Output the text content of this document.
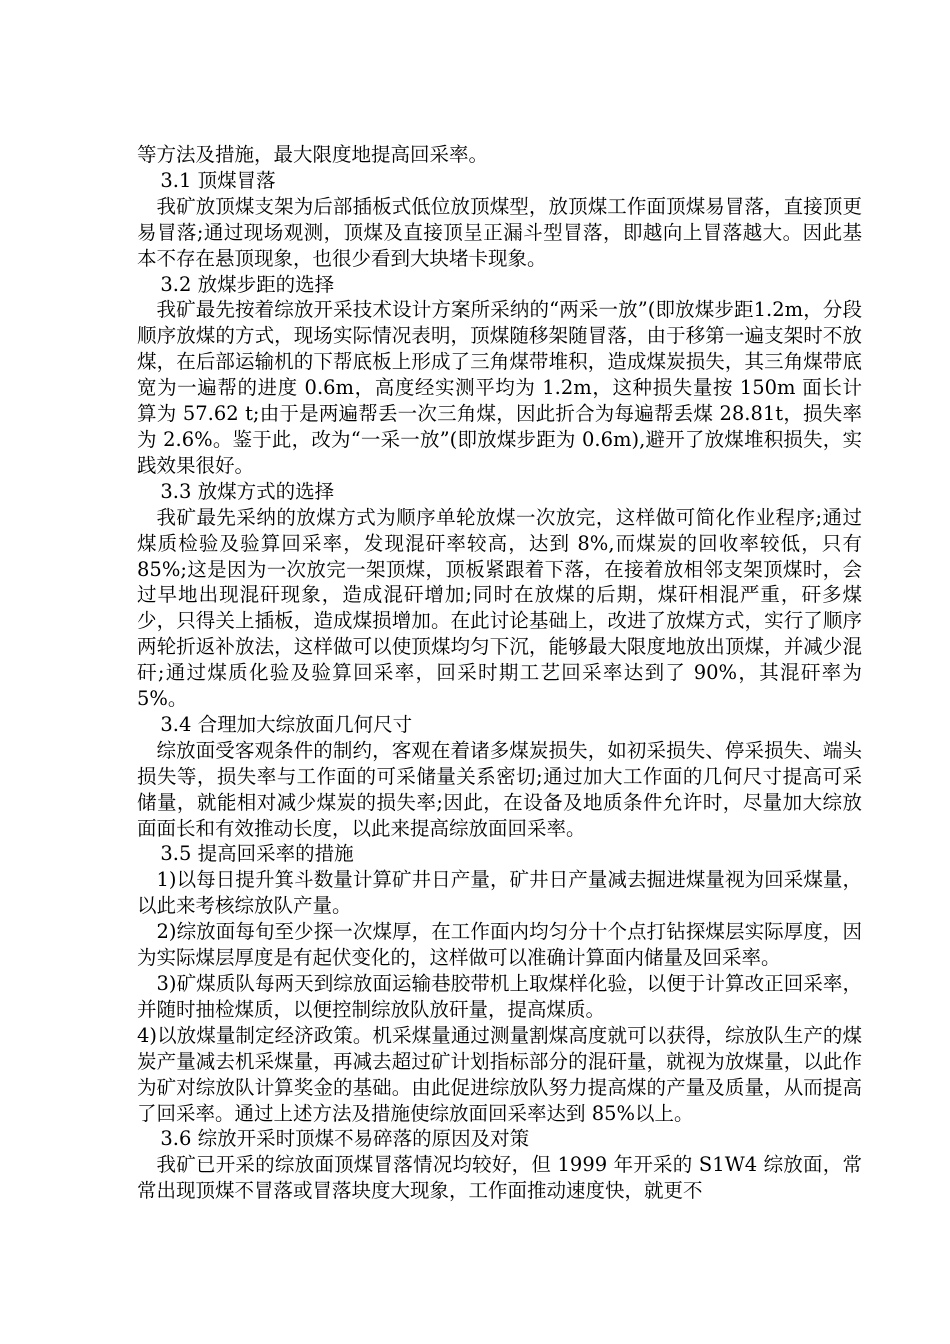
等方法及措施，最大限度地提高回采率。

3.1 顶煤冒落

我矿放顶煤支架为后部插板式低位放顶煤型，放顶煤工作面顶煤易冒落，直接顶更易冒落;通过现场观测，顶煤及直接顶呈正漏斗型冒落，即越向上冒落越大。因此基本不存在悬顶现象，也很少看到大块堵卡现象。

3.2 放煤步距的选择

我矿最先按着综放开采技术设计方案所采纳的“两采一放”(即放煤步距1.2m，分段顺序放煤的方式，现场实际情况表明，顶煤随移架随冒落，由于移第一遍支架时不放煤，在后部运输机的下帮底板上形成了三角煤带堆积，造成煤炭损失，其三角煤带底宽为一遍帮的进度 0.6m，高度经实测平均为 1.2m，这种损失量按 150m 面长计算为 57.62 t;由于是两遍帮丢一次三角煤，因此折合为每遍帮丢煤 28.81t，损失率为 2.6%。鉴于此，改为“一采一放”(即放煤步距为 0.6m),避开了放煤堆积损失，实践效果很好。

3.3 放煤方式的选择

我矿最先采纳的放煤方式为顺序单轮放煤一次放完，这样做可简化作业程序;通过煤质检验及验算回采率，发现混矸率较高，达到 8%,而煤炭的回收率较低，只有 85%;这是因为一次放完一架顶煤，顶板紧跟着下落，在接着放相邻支架顶煤时，会过早地出现混矸现象，造成混矸增加;同时在放煤的后期，煤矸相混严重，矸多煤少，只得关上插板，造成煤损增加。在此讨论基础上，改进了放煤方式，实行了顺序两轮折返补放法，这样做可以使顶煤均匀下沉，能够最大限度地放出顶煤，并减少混矸;通过煤质化验及验算回采率，回采时期工艺回采率达到了 90%，其混矸率为 5%。

3.4 合理加大综放面几何尺寸

综放面受客观条件的制约，客观在着诸多煤炭损失，如初采损失、停采损失、端头损失等，损失率与工作面的可采储量关系密切;通过加大工作面的几何尺寸提高可采储量，就能相对减少煤炭的损失率;因此，在设备及地质条件允许时，尽量加大综放面面长和有效推动长度，以此来提高综放面回采率。

3.5 提高回采率的措施

1)以每日提升箕斗数量计算矿井日产量，矿井日产量减去掘进煤量视为回采煤量，以此来考核综放队产量。

2)综放面每旬至少探一次煤厚，在工作面内均匀分十个点打钻探煤层实际厚度，因为实际煤层厚度是有起伏变化的，这样做可以准确计算面内储量及回采率。

3)矿煤质队每两天到综放面运输巷胶带机上取煤样化验，以便于计算改正回采率，并随时抽检煤质，以便控制综放队放矸量，提高煤质。

4)以放煤量制定经济政策。机采煤量通过测量割煤高度就可以获得，综放队生产的煤炭产量减去机采煤量，再减去超过矿计划指标部分的混矸量，就视为放煤量，以此作为矿对综放队计算奖金的基础。由此促进综放队努力提高煤的产量及质量，从而提高了回采率。通过上述方法及措施使综放面回采率达到 85%以上。

3.6 综放开采时顶煤不易碎落的原因及对策

我矿已开采的综放面顶煤冒落情况均较好，但 1999 年开采的 S1W4 综放面，常常出现顶煤不冒落或冒落块度大现象，工作面推动速度快，就更不
